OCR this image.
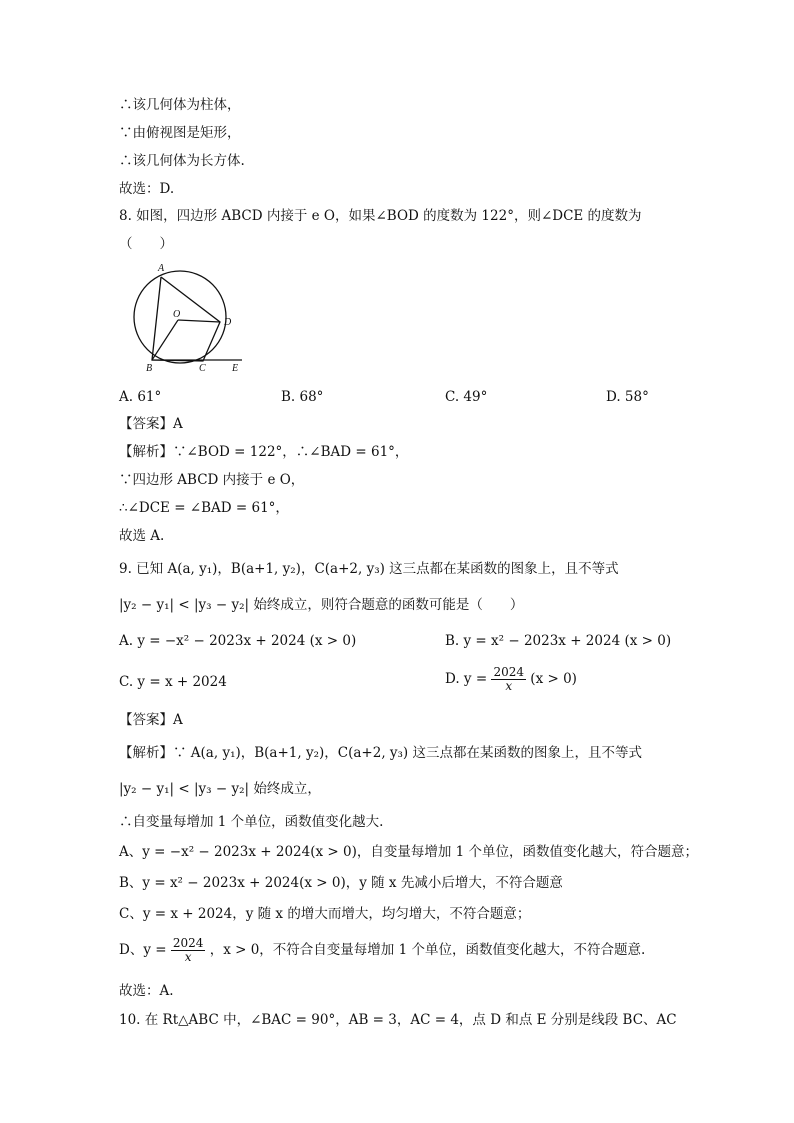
∴该几何体为柱体，
∵由俯视图是矩形，
∴该几何体为长方体.
故选：D.
8. 如图，四边形 ABCD 内接于 e O，如果∠BOD 的度数为 122°，则∠DCE 的度数为
（　　）
A
O
D
B	C	E
A. 61°	B. 68°	C. 49°	D. 58°
【答案】A
【解析】∵∠BOD = 122°，∴∠BAD = 61°，
∵四边形 ABCD 内接于 e O，
∴∠DCE = ∠BAD = 61°，
故选 A.
9. 已知 A(a, y₁)，B(a+1, y₂)，C(a+2, y₃) 这三点都在某函数的图象上，且不等式
|y₂ − y₁| < |y₃ − y₂| 始终成立，则符合题意的函数可能是（　　）
A. y = −x² − 2023x + 2024 (x > 0)	B. y = x² − 2023x + 2024 (x > 0)
C. y = x + 2024	D. $y = \frac{2024}{x} (x > 0)$
【答案】A
【解析】∵ A(a, y₁)，B(a+1, y₂)，C(a+2, y₃) 这三点都在某函数的图象上，且不等式
|y₂ − y₁| < |y₃ − y₂| 始终成立，
∴自变量每增加 1 个单位，函数值变化越大.
A、y = −x² − 2023x + 2024(x > 0)，自变量每增加 1 个单位，函数值变化越大，符合题意；
B、y = x² − 2023x + 2024(x > 0)，y 随 x 先减小后增大，不符合题意
C、y = x + 2024，y 随 x 的增大而增大，均匀增大，不符合题意；
D、$y = \frac{2024}{x}$ ，x > 0，不符合自变量每增加 1 个单位，函数值变化越大，不符合题意.
故选：A.
10. 在 Rt△ABC 中，∠BAC = 90°，AB = 3，AC = 4，点 D 和点 E 分别是线段 BC、AC
